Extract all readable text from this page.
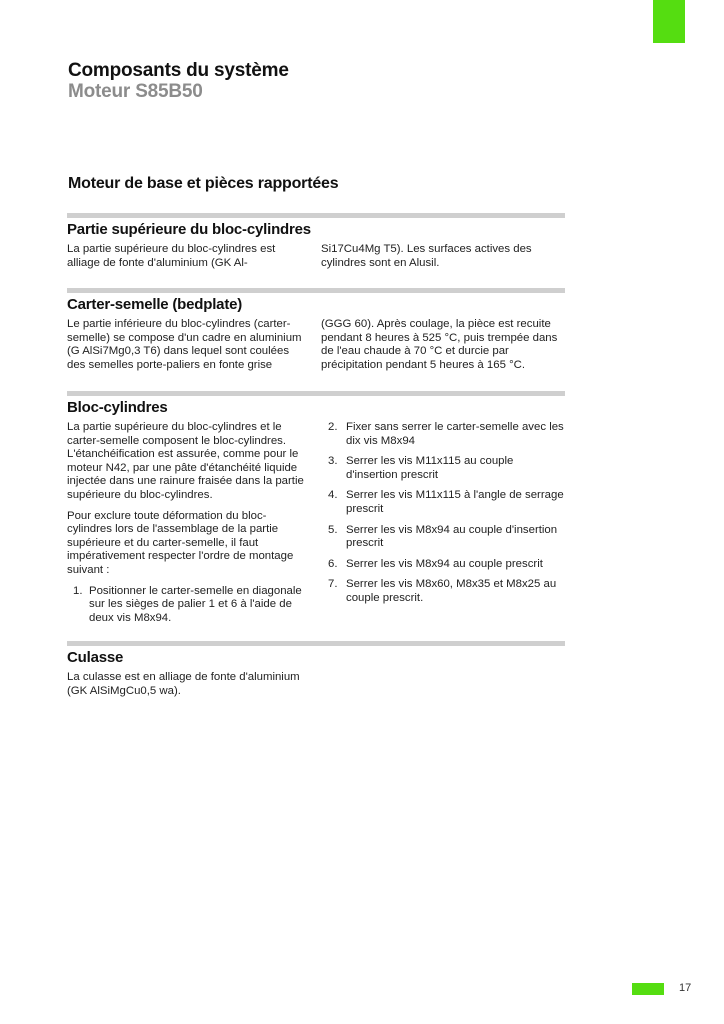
Composants du système
Moteur S85B50
Moteur de base et pièces rapportées
Partie supérieure du bloc-cylindres

La partie supérieure du bloc-cylindres est alliage de fonte d'aluminium (GK Al-

Si17Cu4Mg T5). Les surfaces actives des cylindres sont en Alusil.

Carter-semelle (bedplate)

Le partie inférieure du bloc-cylindres (carter-semelle) se compose d'un cadre en aluminium (G AlSi7Mg0,3 T6) dans lequel sont coulées des semelles porte-paliers en fonte grise

(GGG 60). Après coulage, la pièce est recuite pendant 8 heures à 525 °C, puis trempée dans de l'eau chaude à 70 °C et durcie par précipitation pendant 5 heures à 165 °C.

Bloc-cylindres

La partie supérieure du bloc-cylindres et le carter-semelle composent le bloc-cylindres. L'étanchéification est assurée, comme pour le moteur N42, par une pâte d'étanchéité liquide injectée dans une rainure fraisée dans la partie supérieure du bloc-cylindres.

Pour exclure toute déformation du bloc-cylindres lors de l'assemblage de la partie supérieure et du carter-semelle, il faut impérativement respecter l'ordre de montage suivant :

1. Positionner le carter-semelle en diagonale sur les sièges de palier 1 et 6 à l'aide de deux vis M8x94.
2. Fixer sans serrer le carter-semelle avec les dix vis M8x94
3. Serrer les vis M11x115 au couple d'insertion prescrit
4. Serrer les vis M11x115 à l'angle de serrage prescrit
5. Serrer les vis M8x94 au couple d'insertion prescrit
6. Serrer les vis M8x94 au couple prescrit
7. Serrer les vis M8x60, M8x35 et M8x25 au couple prescrit.
Culasse

La culasse est en alliage de fonte d'aluminium (GK AlSiMgCu0,5 wa).

17
